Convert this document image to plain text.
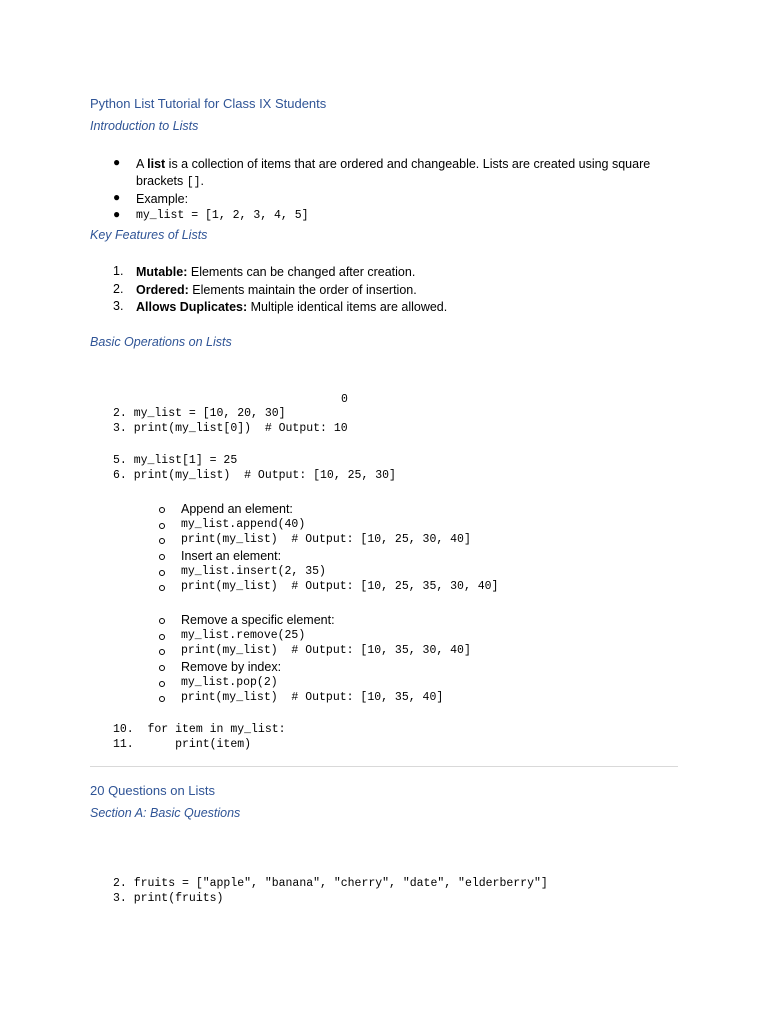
Python List Tutorial for Class IX Students
Introduction to Lists
● A list is a collection of items that are ordered and changeable. Lists are created using square
brackets [].
● Example:
● my_list = [1, 2, 3, 4, 5]
Key Features of Lists
1. Mutable: Elements can be changed after creation.
2. Ordered: Elements maintain the order of insertion.
3. Allows Duplicates: Multiple identical items are allowed.
Basic Operations on Lists
0
2. my_list = [10, 20, 30]
3. print(my_list[0])  # Output: 10
5. my_list[1] = 25
6. print(my_list)  # Output: [10, 25, 30]
Append an element:
my_list.append(40)
print(my_list)  # Output: [10, 25, 30, 40]
Insert an element:
my_list.insert(2, 35)
print(my_list)  # Output: [10, 25, 35, 30, 40]
Remove a specific element:
my_list.remove(25)
print(my_list)  # Output: [10, 35, 30, 40]
Remove by index:
my_list.pop(2)
print(my_list)  # Output: [10, 35, 40]
10.  for item in my_list:
11.      print(item)
20 Questions on Lists
Section A: Basic Questions
2. fruits = ["apple", "banana", "cherry", "date", "elderberry"]
3. print(fruits)
